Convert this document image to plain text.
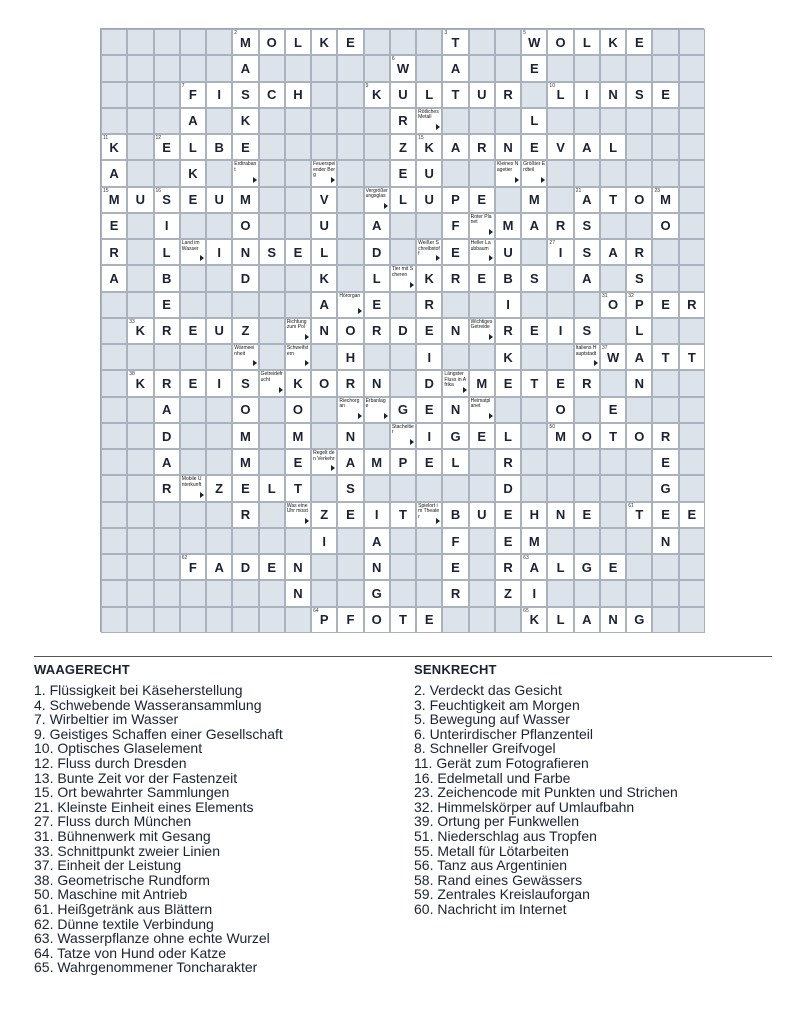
2
M	O	L	K	E
3
T
5
W	O	L	K	E
A
6
W	A	E
7
F	I	S	C	H
9
K	U	L	T	U	R
10
L	I	N	S	E
A	K	R
Rötliches Metall	L
11
K
12
E	L	B	E	Z
15
K	A	R	N	E	V	A	L
A	K
Erdtrabant
Feuerspeiender Berg	E	U
Kleines Nagetier
Größter Erdteil
15
M	U
16
S	E	U	M	V
Vergrößerungsglas	L	U	P	E	M
21
A	T	O
23
M
E	I	O	U	A	F
Roter Planet	M	A	R	S	O
R	L
Land im Wasser	I	N	S	E	L	D
Weißer Schreibstoff	E
Heller Laubbaum	U
27
I	S	A	R
A	B	D	K	L
Tier mit Scheren	K	R	E	B	S	A	S
E	A
Hörorgan
E	R	I
31
O
32
P	E	R
33
K	R	E	U	Z
Richtung zum Pol	N	O	R	D	E	N
Wichtiges Getreide	R	E	I	S	L
Wärmeeinheit
Schweifstern	H	I	K
Italiens Hauptstadt
37
W	A	T	T
38
K	R	E	I	S
Getreidefrucht	K	O	R	N	D
Längster Fluss in Afrika	M	E	T	E	R	N
A	O	O
Riechorgan
Erbanlage	G	E	N
Heimatplanet	O	E
D	M	M	N
Stacheltier	I	G	E	L
50
M	O	T	O	R
A	M	E
Regelt den Verkehr A	M	P	E	L	R	E
R
Mobile Unterkunft	Z	E	L	T	S	D	G
R
Was eine Uhr misst Z	E	I	T
Spielort im Theater	B	U	E	H	N	E
61
T	E	E
I	A	F	E	M	N
62
F	A	D	E	N	N	E	R
63
A	L	G	E
N	G	R	Z	I
64
P	F	O	T	E
65
K	L	A	N	G
WAAGERECHT
1. Flüssigkeit bei Käseherstellung
4. Schwebende Wasseransammlung
7. Wirbeltier im Wasser
9. Geistiges Schaffen einer Gesellschaft
10. Optisches Glaselement
12. Fluss durch Dresden
13. Bunte Zeit vor der Fastenzeit
15. Ort bewahrter Sammlungen
21. Kleinste Einheit eines Elements
27. Fluss durch München
31. Bühnenwerk mit Gesang
33. Schnittpunkt zweier Linien
37. Einheit der Leistung
38. Geometrische Rundform
50. Maschine mit Antrieb
61. Heißgetränk aus Blättern
62. Dünne textile Verbindung
63. Wasserpflanze ohne echte Wurzel
64. Tatze von Hund oder Katze
65. Wahrgenommener Toncharakter
SENKRECHT
2. Verdeckt das Gesicht
3. Feuchtigkeit am Morgen
5. Bewegung auf Wasser
6. Unterirdischer Pflanzenteil
8. Schneller Greifvogel
11. Gerät zum Fotografieren
16. Edelmetall und Farbe
23. Zeichencode mit Punkten und Strichen
32. Himmelskörper auf Umlaufbahn
39. Ortung per Funkwellen
51. Niederschlag aus Tropfen
55. Metall für Lötarbeiten
56. Tanz aus Argentinien
58. Rand eines Gewässers
59. Zentrales Kreislauforgan
60. Nachricht im Internet
